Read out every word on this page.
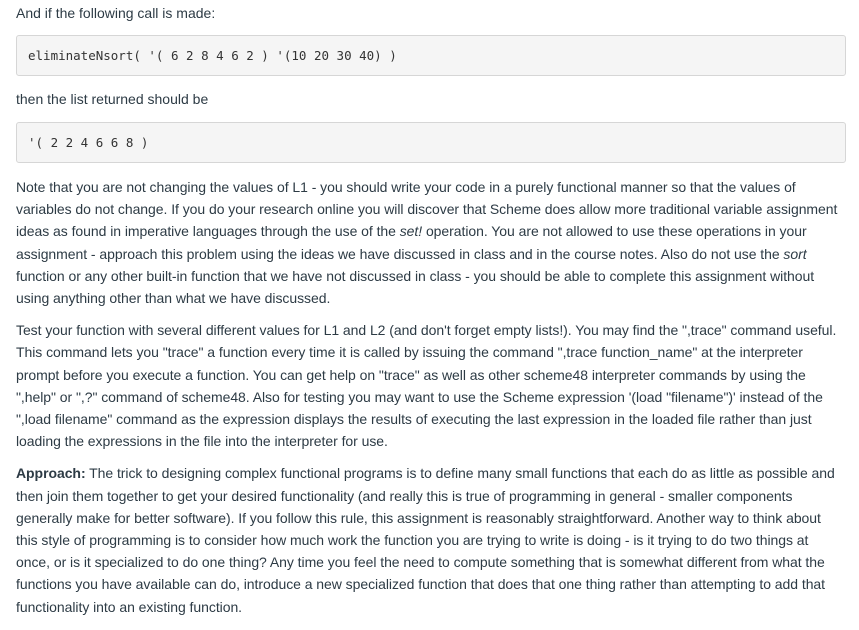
And if the following call is made:

eliminateNsort( '( 6 2 8 4 6 2 ) '(10 20 30 40) )

then the list returned should be

'( 2 2 4 6 6 8 )

Note that you are not changing the values of L1 - you should write your code in a purely functional manner so that the values of variables do not change. If you do your research online you will discover that Scheme does allow more traditional variable assignment ideas as found in imperative languages through the use of the set! operation. You are not allowed to use these operations in your assignment - approach this problem using the ideas we have discussed in class and in the course notes. Also do not use the sort function or any other built-in function that we have not discussed in class - you should be able to complete this assignment without using anything other than what we have discussed.

Test your function with several different values for L1 and L2 (and don't forget empty lists!). You may find the ",trace" command useful. This command lets you "trace" a function every time it is called by issuing the command ",trace function_name" at the interpreter prompt before you execute a function. You can get help on "trace" as well as other scheme48 interpreter commands by using the ",help" or ",?" command of scheme48. Also for testing you may want to use the Scheme expression '(load "filename")' instead of the ",load filename" command as the expression displays the results of executing the last expression in the loaded file rather than just loading the expressions in the file into the interpreter for use.

Approach: The trick to designing complex functional programs is to define many small functions that each do as little as possible and then join them together to get your desired functionality (and really this is true of programming in general - smaller components generally make for better software). If you follow this rule, this assignment is reasonably straightforward. Another way to think about this style of programming is to consider how much work the function you are trying to write is doing - is it trying to do two things at once, or is it specialized to do one thing? Any time you feel the need to compute something that is somewhat different from what the functions you have available can do, introduce a new specialized function that does that one thing rather than attempting to add that functionality into an existing function.
